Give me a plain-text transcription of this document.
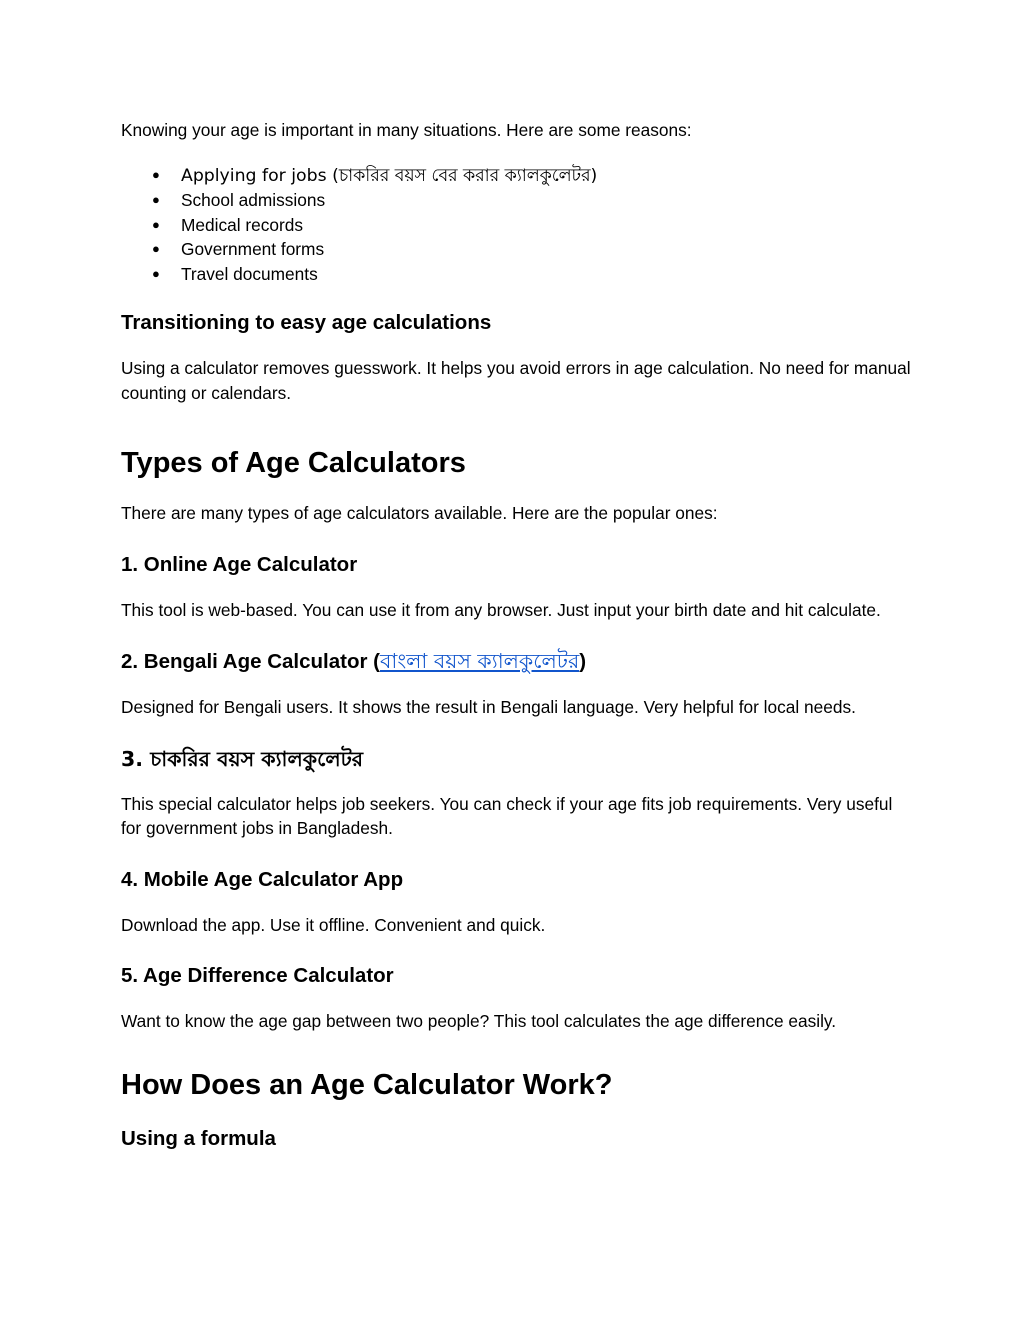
Knowing your age is important in many situations. Here are some reasons:

● Applying for jobs (চাকরির বয়স বের করার ক্যালকুলেটর)
● School admissions
● Medical records
● Government forms
● Travel documents
Transitioning to easy age calculations

Using a calculator removes guesswork. It helps you avoid errors in age calculation. No need for manual counting or calendars.

Types of Age Calculators

There are many types of age calculators available. Here are the popular ones:

1. Online Age Calculator

This tool is web-based. You can use it from any browser. Just input your birth date and hit calculate.

2. Bengali Age Calculator (বাংলা বয়স ক্যালকুলেটর)

Designed for Bengali users. It shows the result in Bengali language. Very helpful for local needs.

3. চাকরির বয়স ক্যালকুলেটর

This special calculator helps job seekers. You can check if your age fits job requirements. Very useful for government jobs in Bangladesh.

4. Mobile Age Calculator App

Download the app. Use it offline. Convenient and quick.

5. Age Difference Calculator

Want to know the age gap between two people? This tool calculates the age difference easily.

How Does an Age Calculator Work?
Using a formula
